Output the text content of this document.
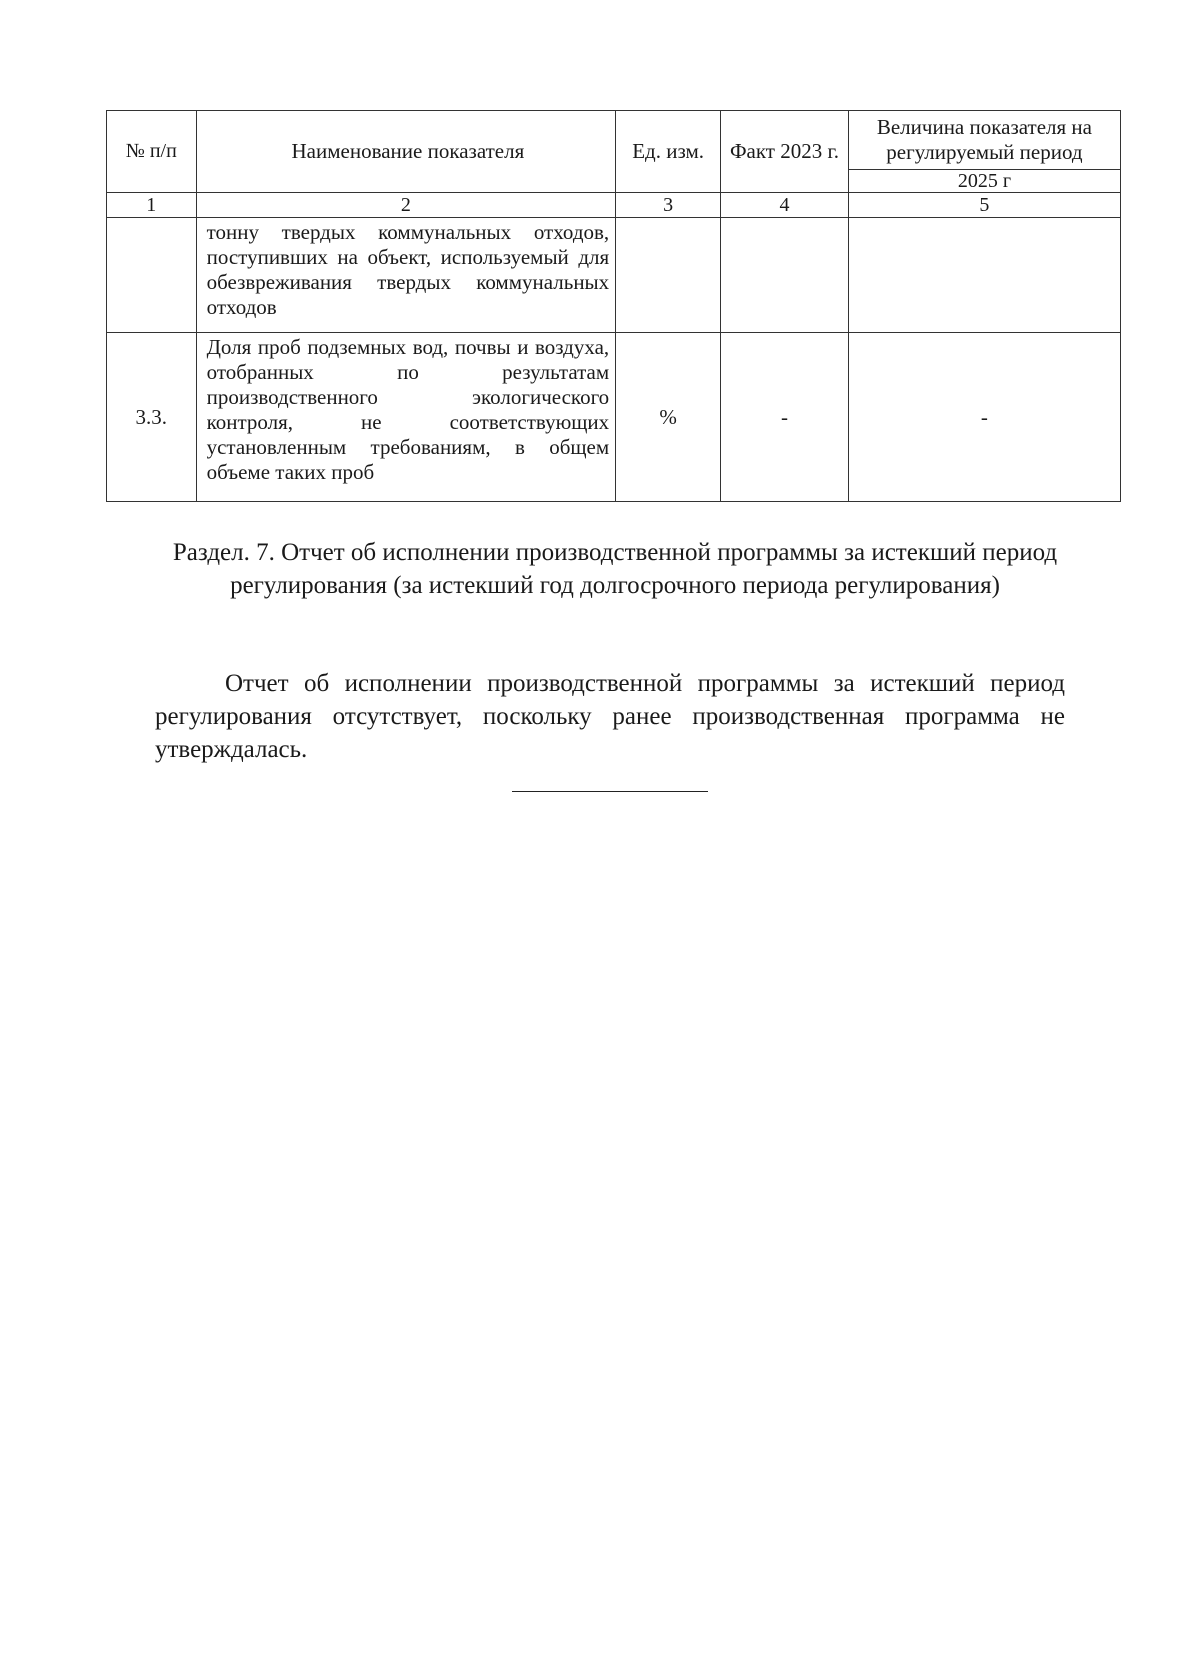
№ п/п	Наименование показателя	Ед. изм.	Факт 2023 г.	Величина показателя на регулируемый период
				2025 г
1	2	3	4	5
	тонну твердых коммунальных отходов, поступивших на объект, используемый для обезвреживания твердых коммунальных отходов			
3.3.	Доля проб подземных вод, почвы и воздуха, отобранных по результатам производственного экологического контроля, не соответствующих установленным требованиям, в общем объеме таких проб	%	-	-
Раздел. 7. Отчет об исполнении производственной программы за истекший период регулирования (за истекший год долгосрочного периода регулирования)
Отчет об исполнении производственной программы за истекший период регулирования отсутствует, поскольку ранее производственная программа не утверждалась.
